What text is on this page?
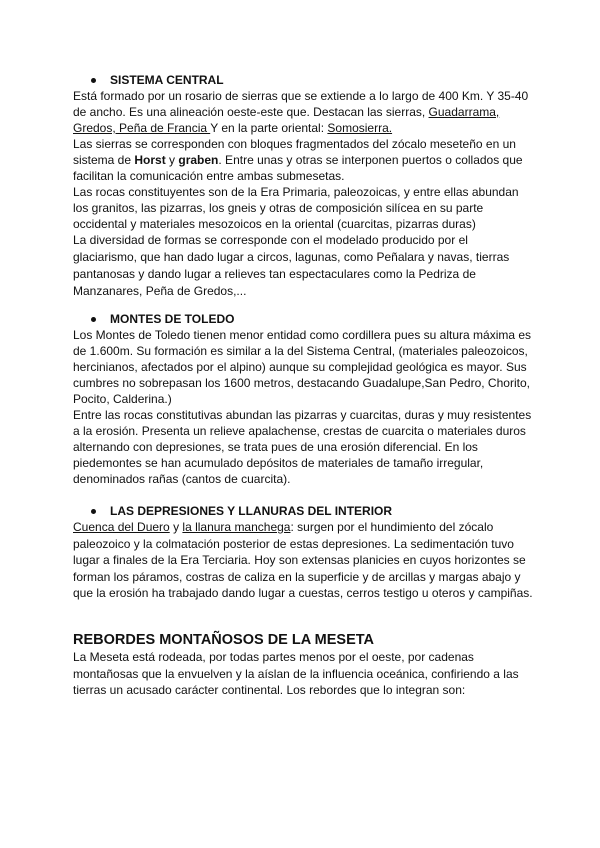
SISTEMA CENTRAL

Está formado por un rosario de sierras que se extiende a lo largo de 400 Km. Y 35-40 de ancho. Es una alineación oeste-este que. Destacan las sierras, Guadarrama, Gredos, Peña de Francia Y en la parte oriental: Somosierra.

Las sierras se corresponden con bloques fragmentados del zócalo meseteño en un sistema de Horst y graben. Entre unas y otras se interponen puertos o collados que facilitan la comunicación entre ambas submesetas.

Las rocas constituyentes son de la Era Primaria, paleozoicas, y entre ellas abundan los granitos, las pizarras, los gneis y otras de composición silícea en su parte occidental y materiales mesozoicos en la oriental (cuarcitas, pizarras duras)

La diversidad de formas se corresponde con el modelado producido por el glaciarismo, que han dado lugar a circos, lagunas, como Peñalara y navas, tierras pantanosas y dando lugar a relieves tan espectaculares como la Pedriza de Manzanares, Peña de Gredos,...

MONTES DE TOLEDO

Los Montes de Toledo tienen menor entidad como cordillera pues su altura máxima es de 1.600m. Su formación es similar a la del Sistema Central, (materiales paleozoicos, hercinianos, afectados por el alpino) aunque su complejidad geológica es mayor. Sus cumbres no sobrepasan los 1600 metros, destacando Guadalupe,San Pedro, Chorito, Pocito, Calderina.)

Entre las rocas constitutivas abundan las pizarras y cuarcitas, duras y muy resistentes a la erosión. Presenta un relieve apalachense, crestas de cuarcita o materiales duros alternando con depresiones, se trata pues de una erosión diferencial. En los piedemontes se han acumulado depósitos de materiales de tamaño irregular, denominados rañas (cantos de cuarcita).

LAS DEPRESIONES Y LLANURAS DEL INTERIOR

Cuenca del Duero y la llanura manchega: surgen por el hundimiento del zócalo paleozoico y la colmatación posterior de estas depresiones. La sedimentación tuvo lugar a finales de la Era Terciaria. Hoy son extensas planicies en cuyos horizontes se forman los páramos, costras de caliza en la superficie y de arcillas y margas abajo y que la erosión ha trabajado dando lugar a cuestas, cerros testigo u oteros y campiñas.

REBORDES MONTAÑOSOS DE LA MESETA

La Meseta está rodeada, por todas partes menos por el oeste, por cadenas montañosas que la envuelven y la aíslan de la influencia oceánica, confiriendo a las tierras un acusado carácter continental. Los rebordes que lo integran son:
